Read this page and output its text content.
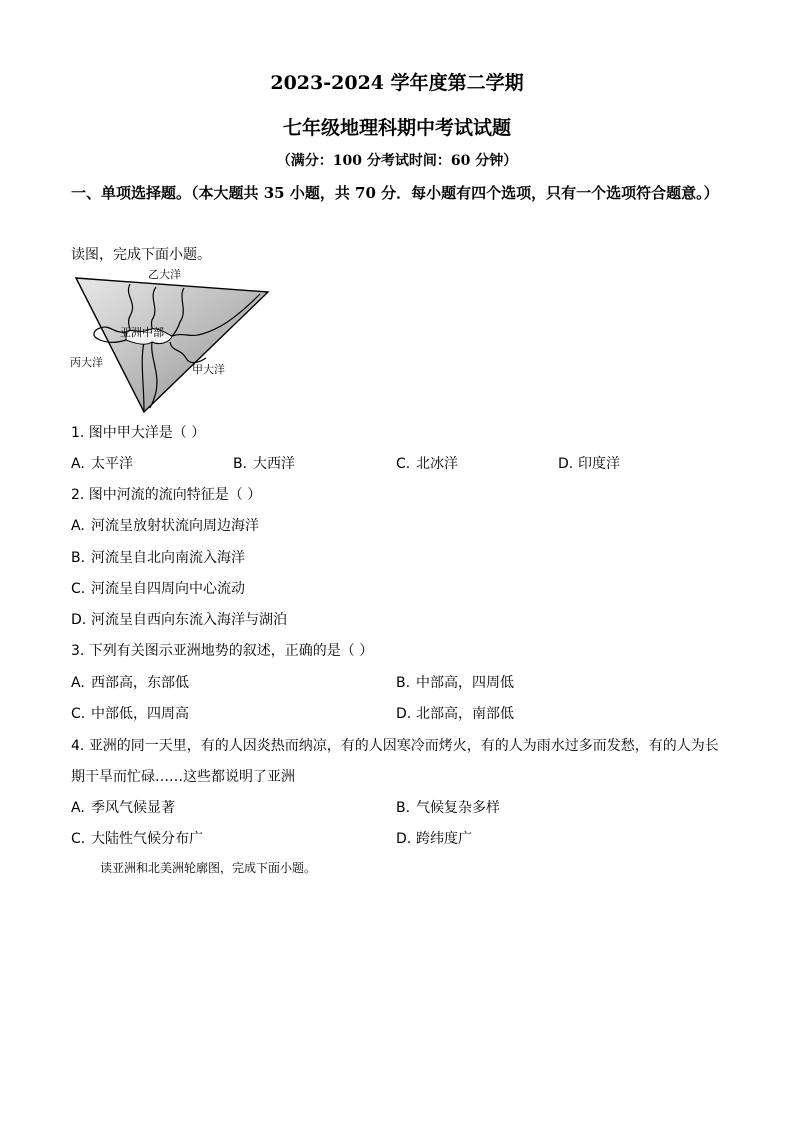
2023-2024 学年度第二学期
七年级地理科期中考试试题
（满分：100 分考试时间：60 分钟）
一、单项选择题。（本大题共 35 小题，共 70 分．每小题有四个选项，只有一个选项符合题意。）
读图，完成下面小题。
乙大洋
亚洲中部
丙大洋
甲大洋
1. 图中甲大洋是（ ）
A. 太平洋	B. 大西洋	C. 北冰洋	D. 印度洋
2. 图中河流的流向特征是（ ）
A. 河流呈放射状流向周边海洋
B. 河流呈自北向南流入海洋
C. 河流呈自四周向中心流动
D. 河流呈自西向东流入海洋与湖泊
3. 下列有关图示亚洲地势的叙述，正确的是（ ）
A. 西部高，东部低	B. 中部高，四周低
C. 中部低，四周高	D. 北部高，南部低
4. 亚洲的同一天里，有的人因炎热而纳凉，有的人因寒冷而烤火，有的人为雨水过多而发愁，有的人为长
期干旱而忙碌……这些都说明了亚洲
A. 季风气候显著	B. 气候复杂多样
C. 大陆性气候分布广	D. 跨纬度广
读亚洲和北美洲轮廓图，完成下面小题。
